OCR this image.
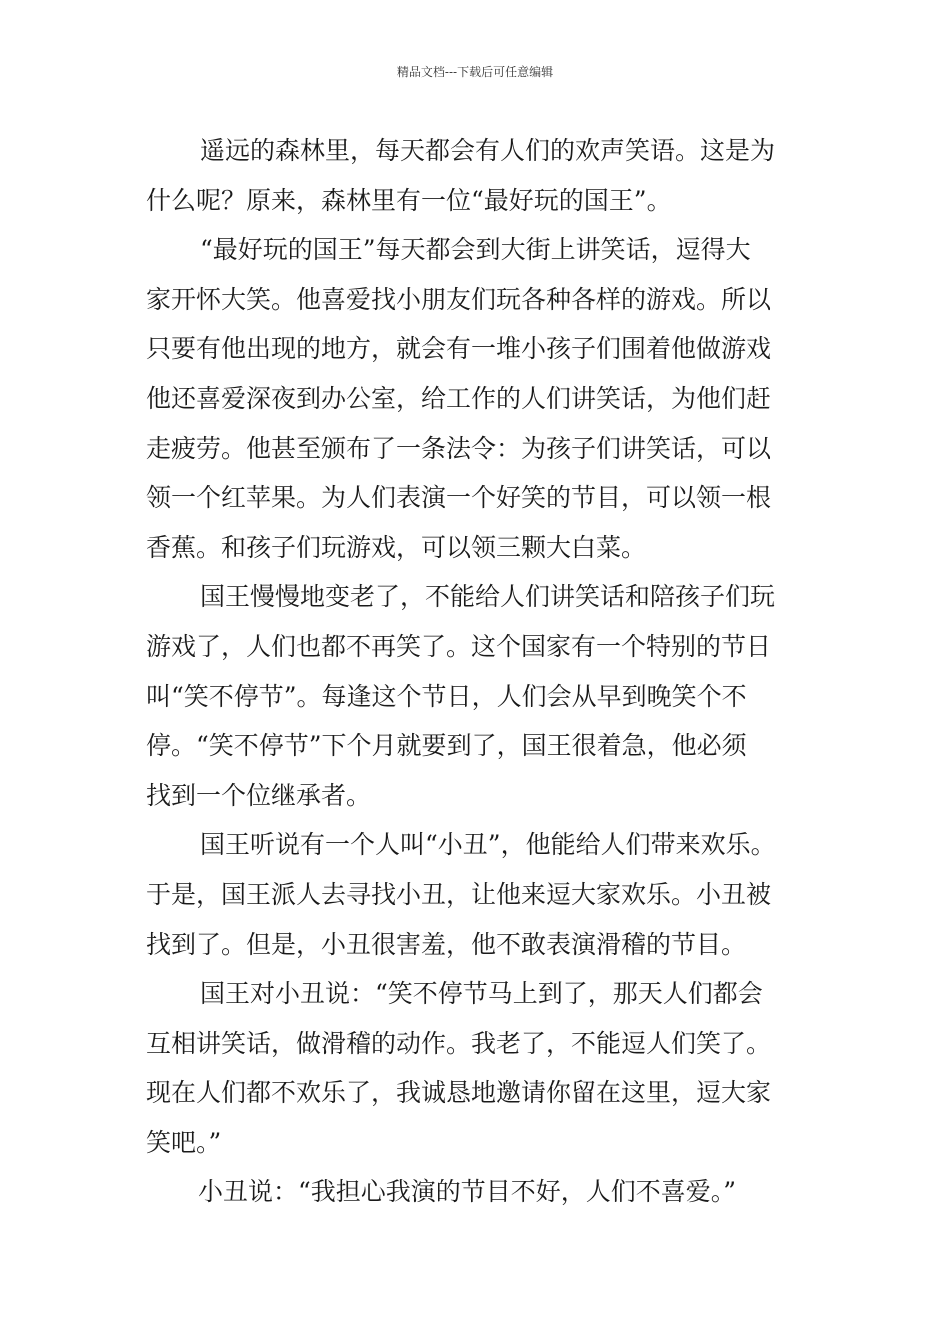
精品文档---下载后可任意编辑
遥远的森林里，每天都会有人们的欢声笑语。这是为
什么呢？原来，森林里有一位“最好玩的国王”。
“最好玩的国王”每天都会到大街上讲笑话，逗得大
家开怀大笑。他喜爱找小朋友们玩各种各样的游戏。所以
只要有他出现的地方，就会有一堆小孩子们围着他做游戏
他还喜爱深夜到办公室，给工作的人们讲笑话，为他们赶
走疲劳。他甚至颁布了一条法令：为孩子们讲笑话，可以
领一个红苹果。为人们表演一个好笑的节目，可以领一根
香蕉。和孩子们玩游戏，可以领三颗大白菜。
国王慢慢地变老了，不能给人们讲笑话和陪孩子们玩
游戏了，人们也都不再笑了。这个国家有一个特别的节日
叫“笑不停节”。每逢这个节日，人们会从早到晚笑个不
停。“笑不停节”下个月就要到了，国王很着急，他必须
找到一个位继承者。
国王听说有一个人叫“小丑”，他能给人们带来欢乐。
于是，国王派人去寻找小丑，让他来逗大家欢乐。小丑被
找到了。但是，小丑很害羞，他不敢表演滑稽的节目。
国王对小丑说：“笑不停节马上到了，那天人们都会
互相讲笑话，做滑稽的动作。我老了，不能逗人们笑了。
现在人们都不欢乐了，我诚恳地邀请你留在这里，逗大家
笑吧。”
小丑说：“我担心我演的节目不好，人们不喜爱。”
